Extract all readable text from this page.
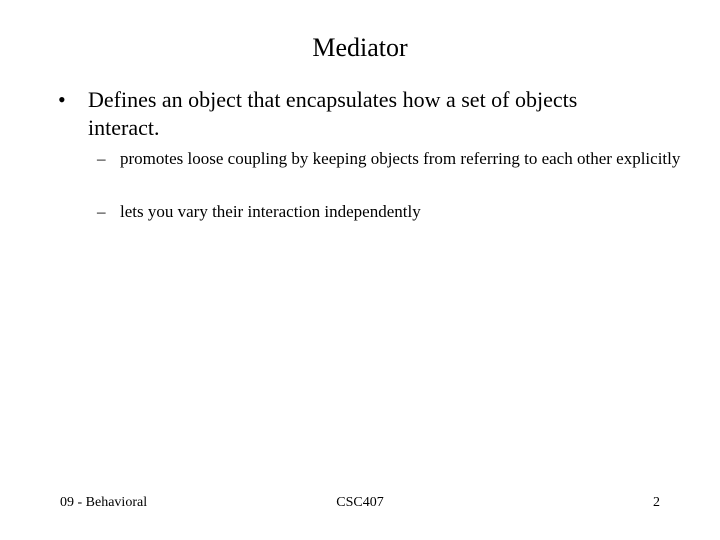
Mediator
• Defines an object that encapsulates how a set of objects interact.
– promotes loose coupling by keeping objects from referring to each other explicitly
– lets you vary their interaction independently
09 - Behavioral	CSC407	2
